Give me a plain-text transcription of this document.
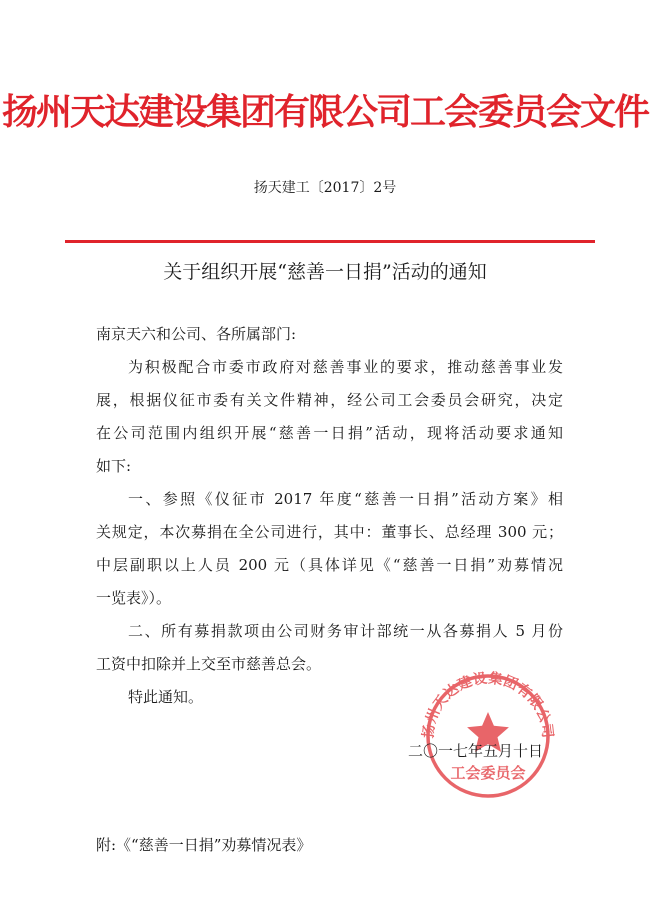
扬州天达建设集团有限公司工会委员会文件
扬天建工〔2017〕2号
关于组织开展“慈善一日捐”活动的通知
南京天六和公司、各所属部门:
为积极配合市委市政府对慈善事业的要求，推动慈善事业发
展，根据仪征市委有关文件精神，经公司工会委员会研究，决定
在公司范围内组织开展“慈善一日捐”活动，现将活动要求通知
如下:
一、参照《仪征市 2017 年度“慈善一日捐”活动方案》相
关规定，本次募捐在全公司进行，其中：董事长、总经理 300 元；
中层副职以上人员 200 元（具体详见《“慈善一日捐”劝募情况
一览表》）。
二、所有募捐款项由公司财务审计部统一从各募捐人 5 月份
工资中扣除并上交至市慈善总会。
特此通知。
扬州天达建设集团有限公司
工会委员会
二〇一七年五月十日
附:《“慈善一日捐”劝募情况表》
